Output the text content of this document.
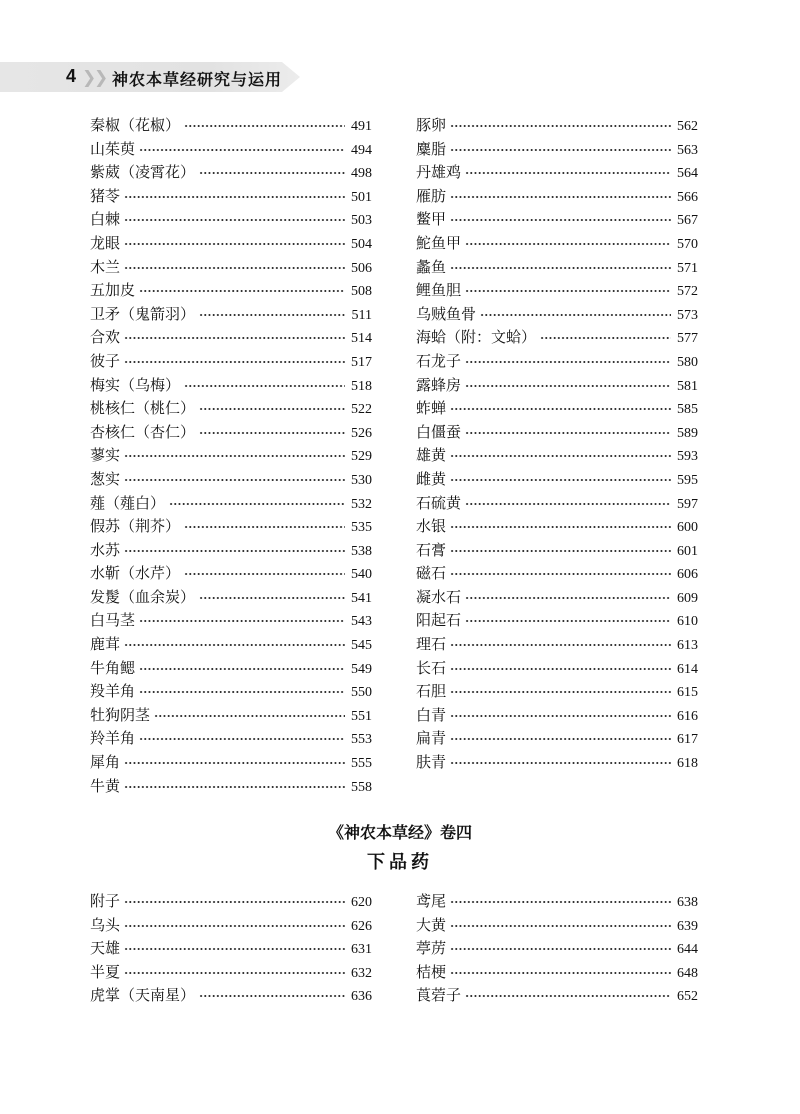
4 ❯
❯ 神农本草经研究与运用
秦椒（花椒）	491
山茱萸	494
紫葳（凌霄花）	498
猪苓	501
白棘	503
龙眼	504
木兰	506
五加皮	508
卫矛（鬼箭羽）	511
合欢	514
彼子	517
梅实（乌梅）	518
桃核仁（桃仁）	522
杏核仁（杏仁）	526
蓼实	529
葱实	530
薤（薤白）	532
假苏（荆芥）	535
水苏	538
水靳（水芹）	540
发髲（血余炭）	541
白马茎	543
鹿茸	545
牛角鳃	549
羖羊角	550
牡狗阴茎	551
羚羊角	553
犀角	555
牛黄	558
豚卵	562
麋脂	563
丹雄鸡	564
雁肪	566
鳖甲	567
鮀鱼甲	570
蠡鱼	571
鲤鱼胆	572
乌贼鱼骨	573
海蛤（附：文蛤）	577
石龙子	580
露蜂房	581
蚱蝉	585
白僵蚕	589
雄黄	593
雌黄	595
石硫黄	597
水银	600
石膏	601
磁石	606
凝水石	609
阳起石	610
理石	613
长石	614
石胆	615
白青	616
扁青	617
肤青	618
《神农本草经》卷四
下品药
附子	620
乌头	626
天雄	631
半夏	632
虎掌（天南星）	636
鸢尾	638
大黄	639
葶苈	644
桔梗	648
莨菪子	652
